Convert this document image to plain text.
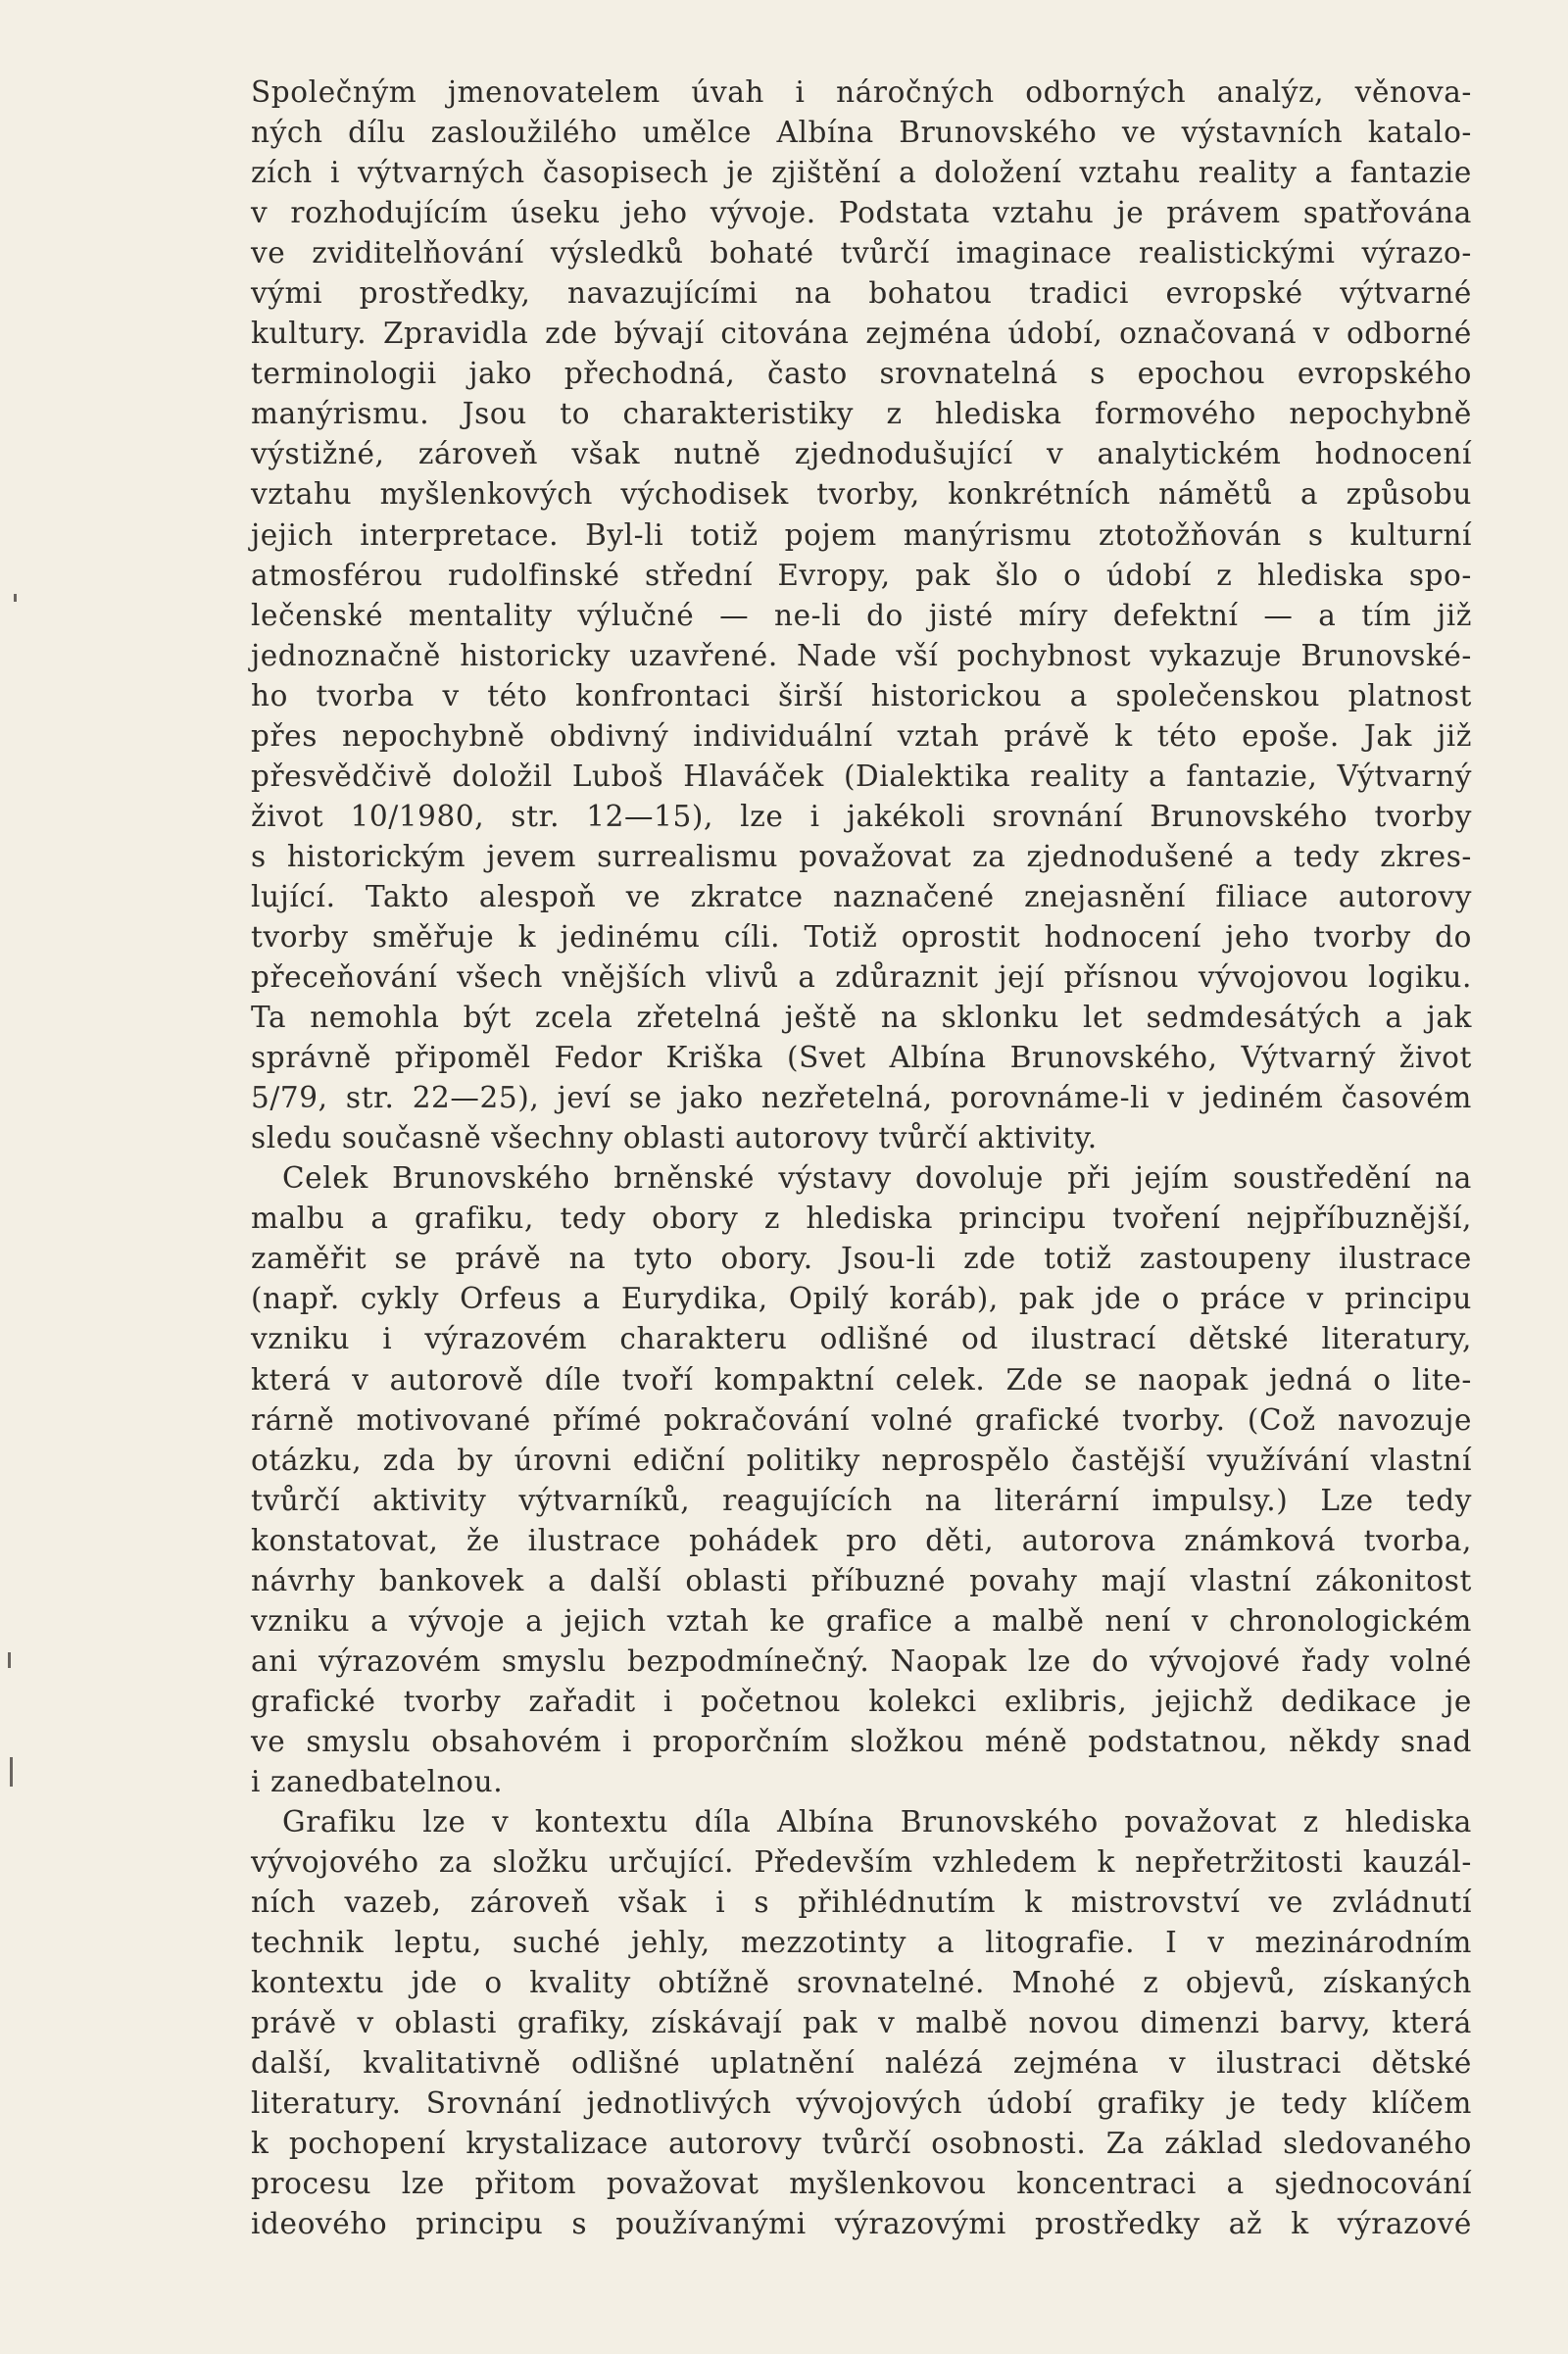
Společným jmenovatelem úvah i náročných odborných analýz, věnova-
ných dílu zasloužilého umělce Albína Brunovského ve výstavních katalo-
zích i výtvarných časopisech je zjištění a doložení vztahu reality a fantazie
v rozhodujícím úseku jeho vývoje. Podstata vztahu je právem spatřována
ve zviditelňování výsledků bohaté tvůrčí imaginace realistickými výrazo-
vými prostředky, navazujícími na bohatou tradici evropské výtvarné
kultury. Zpravidla zde bývají citována zejména údobí, označovaná v odborné
terminologii jako přechodná, často srovnatelná s epochou evropského
manýrismu. Jsou to charakteristiky z hlediska formového nepochybně
výstižné, zároveň však nutně zjednodušující v analytickém hodnocení
vztahu myšlenkových východisek tvorby, konkrétních námětů a způsobu
jejich interpretace. Byl-li totiž pojem manýrismu ztotožňován s kulturní
atmosférou rudolfinské střední Evropy, pak šlo o údobí z hlediska spo-
lečenské mentality výlučné — ne-li do jisté míry defektní — a tím již
jednoznačně historicky uzavřené. Nade vší pochybnost vykazuje Brunovské-
ho tvorba v této konfrontaci širší historickou a společenskou platnost
přes nepochybně obdivný individuální vztah právě k této epoše. Jak již
přesvědčivě doložil Luboš Hlaváček (Dialektika reality a fantazie, Výtvarný
život 10/1980, str. 12—15), lze i jakékoli srovnání Brunovského tvorby
s historickým jevem surrealismu považovat za zjednodušené a tedy zkres-
lující. Takto alespoň ve zkratce naznačené znejasnění filiace autorovy
tvorby směřuje k jedinému cíli. Totiž oprostit hodnocení jeho tvorby do
přeceňování všech vnějších vlivů a zdůraznit její přísnou vývojovou logiku.
Ta nemohla být zcela zřetelná ještě na sklonku let sedmdesátých a jak
správně připoměl Fedor Kriška (Svet Albína Brunovského, Výtvarný život
5/79, str. 22—25), jeví se jako nezřetelná, porovnáme-li v jediném časovém
sledu současně všechny oblasti autorovy tvůrčí aktivity.
Celek Brunovského brněnské výstavy dovoluje při jejím soustředění na
malbu a grafiku, tedy obory z hlediska principu tvoření nejpříbuznější,
zaměřit se právě na tyto obory. Jsou-li zde totiž zastoupeny ilustrace
(např. cykly Orfeus a Eurydika, Opilý koráb), pak jde o práce v principu
vzniku i výrazovém charakteru odlišné od ilustrací dětské literatury,
která v autorově díle tvoří kompaktní celek. Zde se naopak jedná o lite-
rárně motivované přímé pokračování volné grafické tvorby. (Což navozuje
otázku, zda by úrovni ediční politiky neprospělo častější využívání vlastní
tvůrčí aktivity výtvarníků, reagujících na literární impulsy.) Lze tedy
konstatovat, že ilustrace pohádek pro děti, autorova známková tvorba,
návrhy bankovek a další oblasti příbuzné povahy mají vlastní zákonitost
vzniku a vývoje a jejich vztah ke grafice a malbě není v chronologickém
ani výrazovém smyslu bezpodmínečný. Naopak lze do vývojové řady volné
grafické tvorby zařadit i početnou kolekci exlibris, jejichž dedikace je
ve smyslu obsahovém i proporčním složkou méně podstatnou, někdy snad
i zanedbatelnou.
Grafiku lze v kontextu díla Albína Brunovského považovat z hlediska
vývojového za složku určující. Především vzhledem k nepřetržitosti kauzál-
ních vazeb, zároveň však i s přihlédnutím k mistrovství ve zvládnutí
technik leptu, suché jehly, mezzotinty a litografie. I v mezinárodním
kontextu jde o kvality obtížně srovnatelné. Mnohé z objevů, získaných
právě v oblasti grafiky, získávají pak v malbě novou dimenzi barvy, která
další, kvalitativně odlišné uplatnění nalézá zejména v ilustraci dětské
literatury. Srovnání jednotlivých vývojových údobí grafiky je tedy klíčem
k pochopení krystalizace autorovy tvůrčí osobnosti. Za základ sledovaného
procesu lze přitom považovat myšlenkovou koncentraci a sjednocování
ideového principu s používanými výrazovými prostředky až k výrazové
